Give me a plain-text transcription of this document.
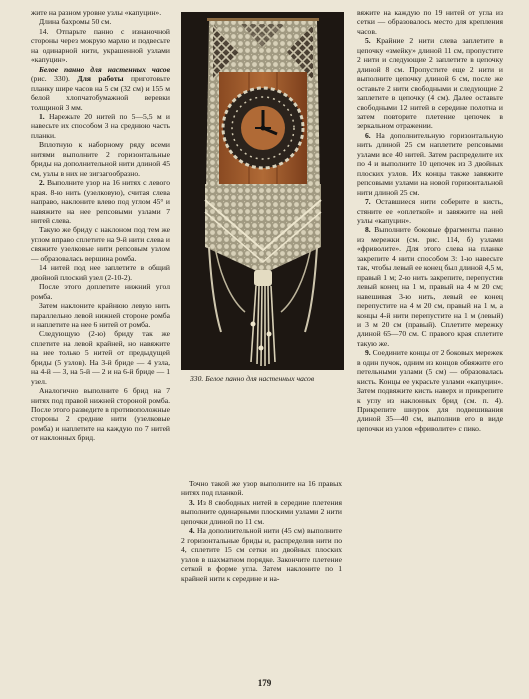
жите на разном уровне узлы «капуцин».

Длина бахромы 50 см.

14. Отпарьте панно с изнаночной стороны через мокрую марлю и подвесьте на одинарной нити, украшенной узлами «капуцин».

Белое панно для настенных часов (рис. 330). Для работы приготовьте планку шире часов на 5 см (32 см) и 155 м белой хлопчатобумажной веревки толщиной 3 мм.

1. Нарежьте 20 нитей по 5—5,5 м и навесьте их способом 3 на среднюю часть планки.

Вплотную к наборному ряду всеми нитями выполните 2 горизонтальные бриды на дополнительной нити длиной 45 см, узлы в них не зигзагообразно.

2. Выполните узор на 16 нитях с левого края. 8-ю нить (узелковую), считая слева направо, наклоните влево под углом 45° и навяжите на нее репсовыми узлами 7 нитей слева.

Такую же бриду с наклоном под тем же углом вправо сплетите на 9-й нити слева и свяжите узелковые нити репсовым узлом — образовалась вершина ромба.

14 нитей под нее заплетите в общий двойной плоский узел (2-10-2).

После этого доплетите нижний угол ромба.

Затем наклоните крайнюю левую нить параллельно левой нижней стороне ромба и наплетите на нее 6 нитей от ромба.

Следующую (2-ю) бриду так же сплетите на левой крайней, но навяжите на нее только 5 нитей от предыдущей бриды (5 узлов). На 3-й бриде — 4 узла, на 4-й — 3, на 5-й — 2 и на 6-й бриде — 1 узел.

Аналогично выполните 6 брид на 7 нитях под правой нижней стороной ромба. После этого разведите в противоположные стороны 2 средние нити (узелковые ромба) и наплетите на каждую по 7 нитей от наклонных брид.

330. Белое панно для настенных часов

Точно такой же узор выполните на 16 правых нитях под планкой.

3. Из 8 свободных нитей в середине плетения выполните одинарными плоскими узлами 2 нити цепочки длиной по 11 см.

4. На дополнительной нити (45 см) выполните 2 горизонтальные бриды и, распределив нити по 4, сплетите 15 см сетки из двойных плоских узлов в шахматном порядке. Закончите плетение сеткой в форме угла. Затем наклоните по 1 крайней нити к середине и на-

вяжите на каждую по 19 нитей от угла из сетки — образовалось место для крепления часов.

5. Крайние 2 нити слева заплетите в цепочку «змейку» длиной 11 см, пропустите 2 нити и следующие 2 заплетите в цепочку длиной 8 см. Пропустите еще 2 нити и выполните цепочку длиной 6 см, после же оставьте 2 нити свободными и следующие 2 заплетите в цепочку (4 см). Далее оставьте свободными 12 нитей в середине полотна и затем повторите плетение цепочек в зеркальном отражении.

6. На дополнительную горизонтальную нить длиной 25 см наплетите репсовыми узлами все 40 нитей. Затем распределите их по 4 и выполните 10 цепочек из 3 двойных плоских узлов. Их концы также завяжите репсовыми узлами на новой горизонтальной нити длиной 25 см.

7. Оставшиеся нити соберите в кисть, стяните ее «оплеткой» и завяжите на ней узлы «капуцин».

8. Выполните боковые фрагменты панно из мережки (см. рис. 114, б) узлами «фриволите». Для этого слева на планке закрепите 4 нити способом 3: 1-ю навесьте так, чтобы левый ее конец был длиной 4,5 м, правый 1 м; 2-ю нить закрепите, перепустив левый конец на 1 м, правый на 4 м 20 см; навешивая 3-ю нить, левый ее конец перепустите на 4 м 20 см, правый на 1 м, а концы 4-й нити перепустите на 1 м (левый) и 3 м 20 см (правый). Сплетите мережку длиной 65—70 см. С правого края сплетите такую же.

9. Соедините концы от 2 боковых мережек в один пучок, одним из концов обвяжите его петельными узлами (5 см) — образовалась кисть. Концы ее украсьте узлами «капуцин». Затем подвяжите кисть наверх и прикрепите к углу из наклонных брид (см. п. 4). Прикрепите шнурок для подвешивания длиной 35—40 см, выполнив его в виде цепочки из узлов «фриволите» с пико.

179
